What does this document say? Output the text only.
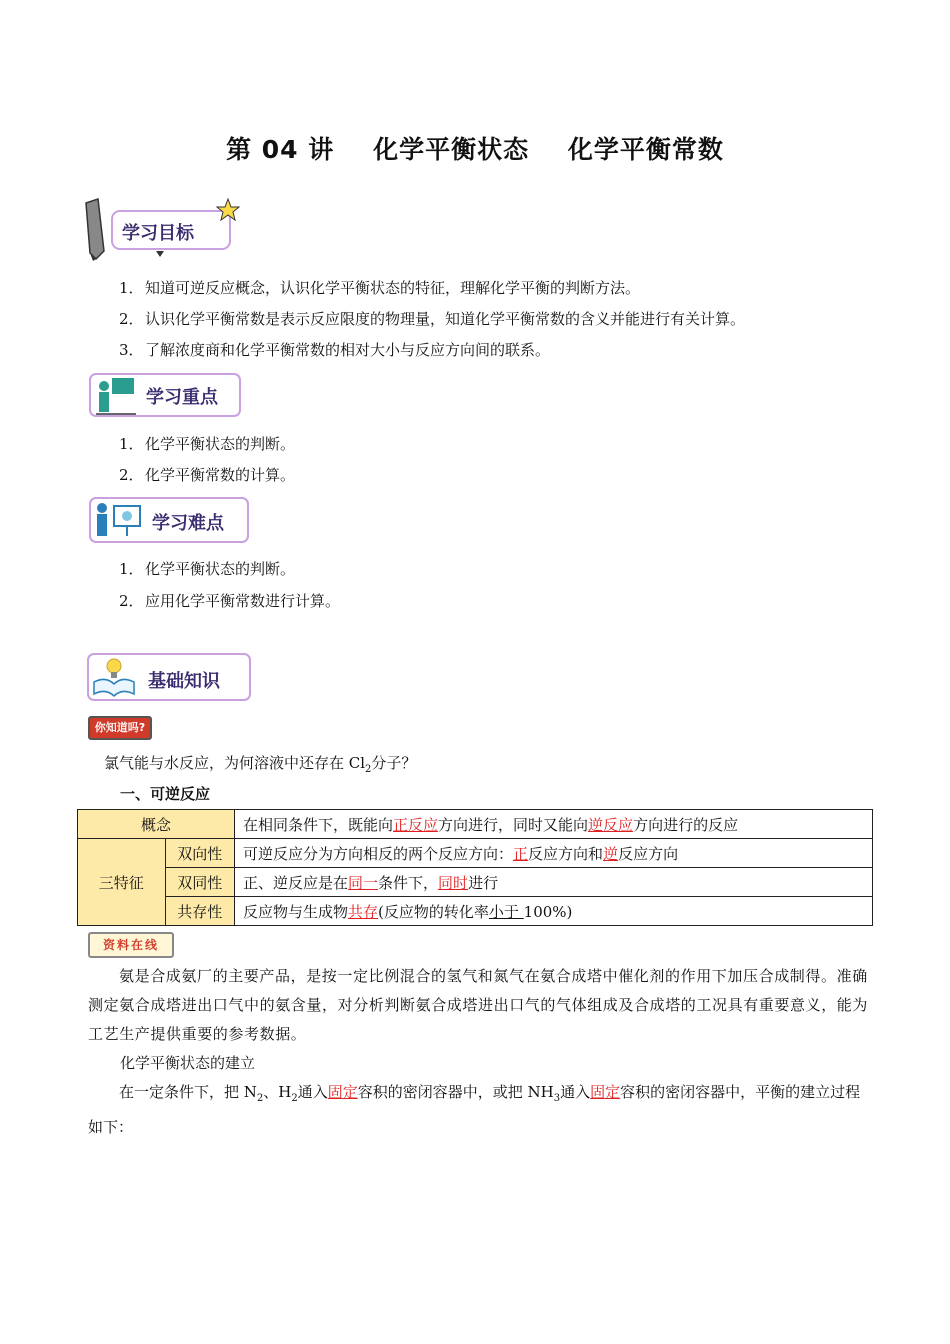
第 04 讲    化学平衡状态    化学平衡常数
学习目标
1．知道可逆反应概念，认识化学平衡状态的特征，理解化学平衡的判断方法。
2．认识化学平衡常数是表示反应限度的物理量，知道化学平衡常数的含义并能进行有关计算。
3．了解浓度商和化学平衡常数的相对大小与反应方向间的联系。
学习重点
1．化学平衡状态的判断。
2．化学平衡常数的计算。
学习难点
1．化学平衡状态的判断。
2．应用化学平衡常数进行计算。
基础知识
你知道吗?
氯气能与水反应，为何溶液中还存在 $Cl_2$分子？
一、可逆反应
概念		在相同条件下，既能向正反应方向进行，同时又能向逆反应方向进行的反应
三特征	双向性	可逆反应分为方向相反的两个反应方向：正反应方向和逆反应方向
	双同性	正、逆反应是在同一条件下，同时进行
	共存性	反应物与生成物共存(反应物的转化率小于 100%)
资料在线
氨是合成氨厂的主要产品，是按一定比例混合的氢气和氮气在氨合成塔中催化剂的作用下加压合成制得。准确测定氨合成塔进出口气中的氨含量，对分析判断氨合成塔进出口气的气体组成及合成塔的工况具有重要意义，能为工艺生产提供重要的参考数据。
化学平衡状态的建立
在一定条件下，把 $N_2$、$H_2$通入固定容积的密闭容器中，或把 $NH_3$通入固定容积的密闭容器中，平衡的建立过程如下：
